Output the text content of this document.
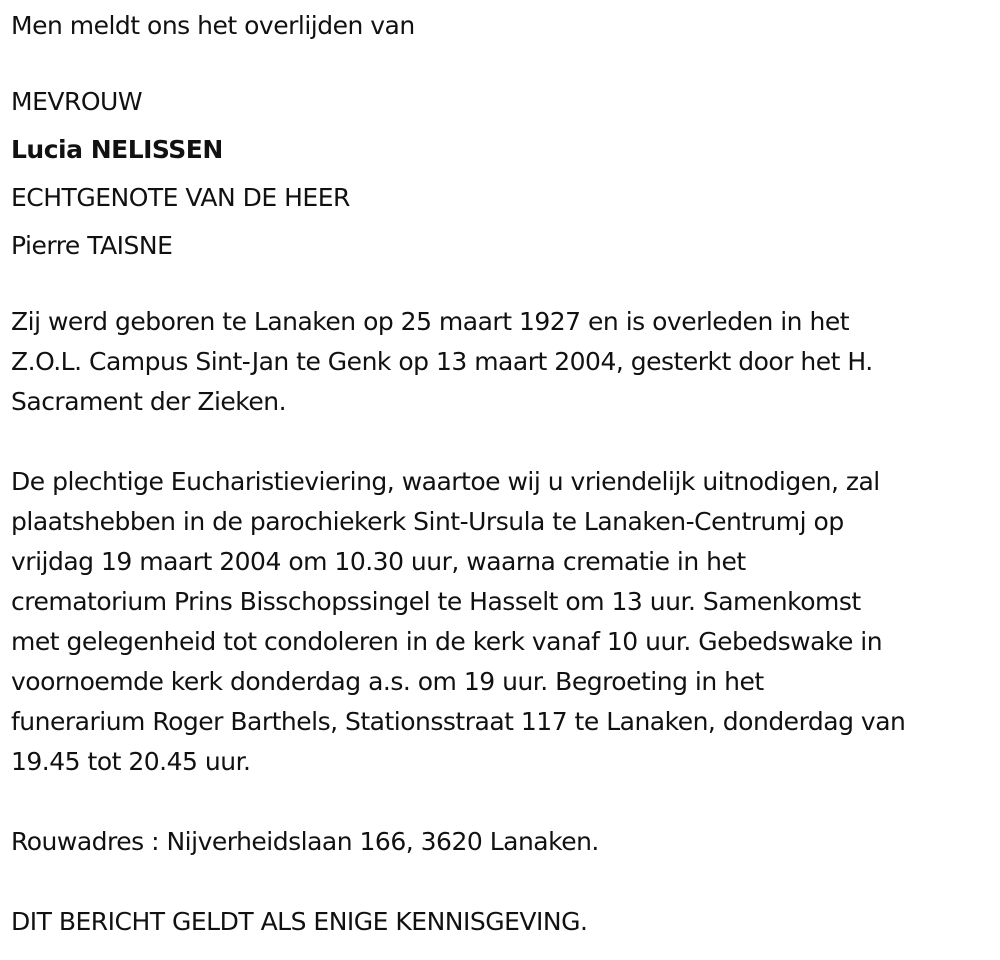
Men meldt ons het overlijden van

MEVROUW

Lucia NELISSEN

ECHTGENOTE VAN DE HEER

Pierre TAISNE

Zij werd geboren te Lanaken op 25 maart 1927 en is overleden in het

Z.O.L. Campus Sint-Jan te Genk op 13 maart 2004, gesterkt door het H.

Sacrament der Zieken.

De plechtige Eucharistieviering, waartoe wij u vriendelijk uitnodigen, zal

plaatshebben in de parochiekerk Sint-Ursula te Lanaken-Centrumj op

vrijdag 19 maart 2004 om 10.30 uur, waarna crematie in het

crematorium Prins Bisschopssingel te Hasselt om 13 uur. Samenkomst

met gelegenheid tot condoleren in de kerk vanaf 10 uur. Gebedswake in

voornoemde kerk donderdag a.s. om 19 uur. Begroeting in het

funerarium Roger Barthels, Stationsstraat 117 te Lanaken, donderdag van

19.45 tot 20.45 uur.

Rouwadres : Nijverheidslaan 166, 3620 Lanaken.

DIT BERICHT GELDT ALS ENIGE KENNISGEVING.
